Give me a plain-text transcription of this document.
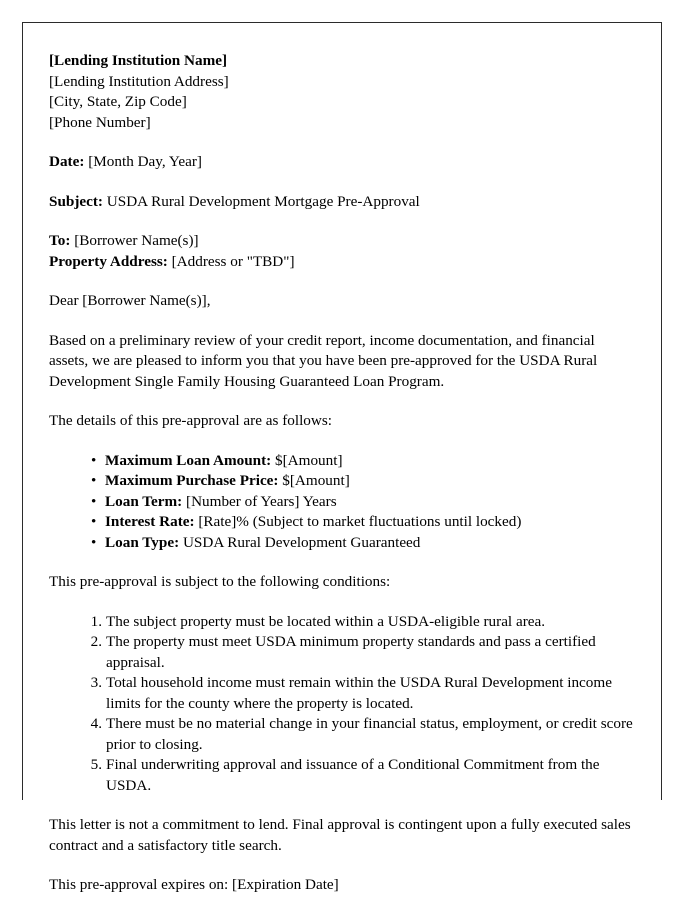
[Lending Institution Name]
[Lending Institution Address]
[City, State, Zip Code]
[Phone Number]
Date: [Month Day, Year]
Subject: USDA Rural Development Mortgage Pre-Approval
To: [Borrower Name(s)]
Property Address: [Address or "TBD"]

Dear [Borrower Name(s)],

Based on a preliminary review of your credit report, income documentation, and financial assets, we are pleased to inform you that you have been pre-approved for the USDA Rural Development Single Family Housing Guaranteed Loan Program.

The details of this pre-approval are as follows:

• Maximum Loan Amount: $[Amount]
• Maximum Purchase Price: $[Amount]
• Loan Term: [Number of Years] Years
• Interest Rate: [Rate]% (Subject to market fluctuations until locked)
• Loan Type: USDA Rural Development Guaranteed

This pre-approval is subject to the following conditions:

The subject property must be located within a USDA-eligible rural area.
The property must meet USDA minimum property standards and pass a certified appraisal.
Total household income must remain within the USDA Rural Development income limits for the county where the property is located.
There must be no material change in your financial status, employment, or credit score prior to closing.
Final underwriting approval and issuance of a Conditional Commitment from the USDA.

This letter is not a commitment to lend. Final approval is contingent upon a fully executed sales contract and a satisfactory title search.

This pre-approval expires on: [Expiration Date]
